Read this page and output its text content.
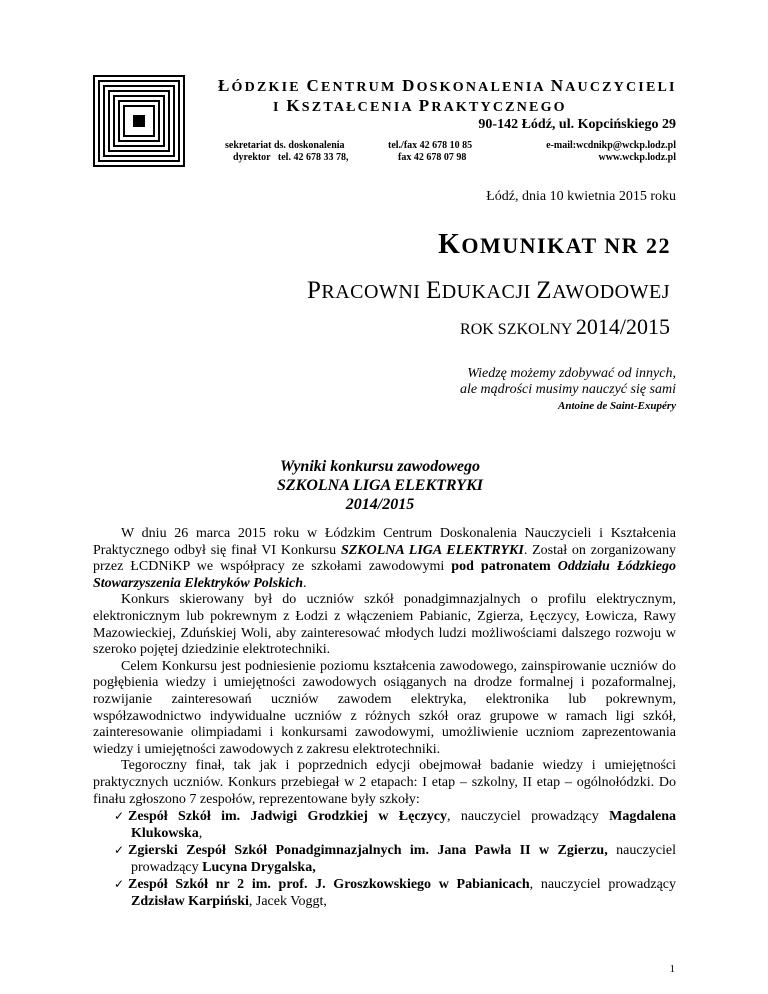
ŁÓDZKIE CENTRUM DOSKONALENIA NAUCZYCIELI
I KSZTAŁCENIA PRAKTYCZNEGO
90-142 Łódź, ul. Kopcińskiego 29
sekretariat ds. doskonalenia
dyrektor   tel. 42 678 33 78,
tel./fax 42 678 10 85
fax 42 678 07 98
e-mail:wcdnikp@wckp.lodz.pl
www.wckp.lodz.pl
Łódź, dnia 10 kwietnia 2015 roku
KOMUNIKAT NR 22
PRACOWNI EDUKACJI ZAWODOWEJ
ROK SZKOLNY 2014/2015
Wiedzę możemy zdobywać od innych,
ale mądrości musimy nauczyć się sami
Antoine de Saint-Exupéry
Wyniki konkursu zawodowego
SZKOLNA LIGA ELEKTRYKI
2014/2015

W dniu 26 marca 2015 roku w Łódzkim Centrum Doskonalenia Nauczycieli i Kształcenia Praktycznego odbył się finał VI Konkursu SZKOLNA LIGA ELEKTRYKI. Został on zorganizowany przez ŁCDNiKP we współpracy ze szkołami zawodowymi pod patronatem Oddziału Łódzkiego Stowarzyszenia Elektryków Polskich.

Konkurs skierowany był do uczniów szkół ponadgimnazjalnych o profilu elektrycznym, elektronicznym lub pokrewnym z Łodzi z włączeniem Pabianic, Zgierza, Łęczycy, Łowicza, Rawy Mazowieckiej, Zduńskiej Woli, aby zainteresować młodych ludzi możliwościami dalszego rozwoju w szeroko pojętej dziedzinie elektrotechniki.

Celem Konkursu jest podniesienie poziomu kształcenia zawodowego, zainspirowanie uczniów do pogłębienia wiedzy i umiejętności zawodowych osiąganych na drodze formalnej i pozaformalnej, rozwijanie zainteresowań uczniów zawodem elektryka, elektronika lub pokrewnym, współzawodnictwo indywidualne uczniów z różnych szkół oraz grupowe w ramach ligi szkół, zainteresowanie olimpiadami i konkursami zawodowymi, umożliwienie uczniom zaprezentowania wiedzy i umiejętności zawodowych z zakresu elektrotechniki.

Tegoroczny finał, tak jak i poprzednich edycji obejmował badanie wiedzy i umiejętności praktycznych uczniów. Konkurs przebiegał w 2 etapach: I etap – szkolny, II etap – ogólnołódzki. Do finału zgłoszono 7 zespołów, reprezentowane były szkoły:

✓ Zespół Szkół im. Jadwigi Grodzkiej w Łęczycy, nauczyciel prowadzący Magdalena Klukowska,
✓ Zgierski Zespół Szkół Ponadgimnazjalnych im. Jana Pawła II w Zgierzu, nauczyciel prowadzący Lucyna Drygalska,
✓ Zespół Szkół nr 2 im. prof. J. Groszkowskiego w Pabianicach, nauczyciel prowadzący Zdzisław Karpiński, Jacek Voggt,
1
